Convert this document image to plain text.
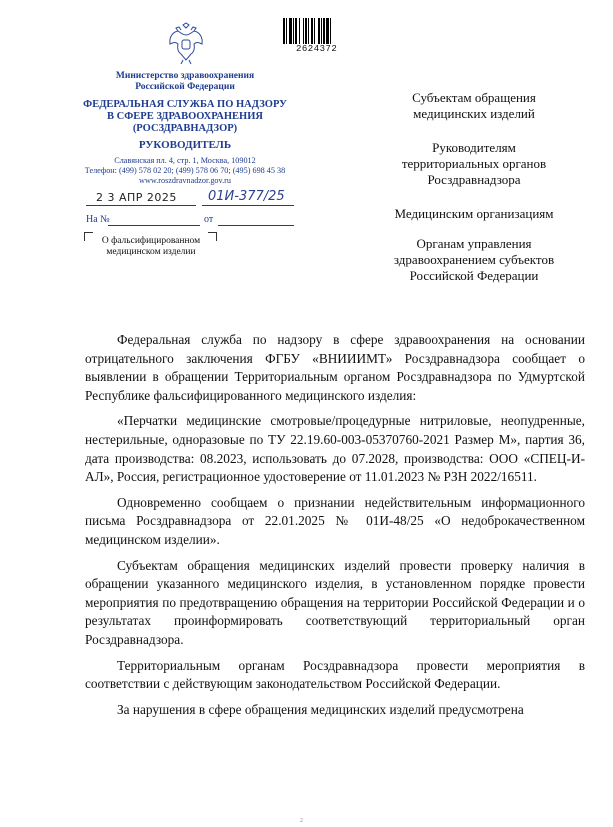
2624372
Министерство здравоохранения
Российской Федерации
ФЕДЕРАЛЬНАЯ СЛУЖБА ПО НАДЗОРУ
В СФЕРЕ ЗДРАВООХРАНЕНИЯ
(РОСЗДРАВНАДЗОР)
РУКОВОДИТЕЛЬ
Славянская пл. 4, стр. 1, Москва, 109012
Телефон: (499) 578 02 20; (499) 578 06 70; (495) 698 45 38
www.roszdravnadzor.gov.ru
2 3 АПР 2025 01И-377/25
На №	от
О фальсифицированном
медицинском изделии
Субъектам обращения
медицинских изделий
Руководителям
территориальных органов
Росздравнадзора
Медицинским организациям
Органам управления
здравоохранением субъектов
Российской Федерации

Федеральная служба по надзору в сфере здравоохранения на основании отрицательного заключения ФГБУ «ВНИИИМТ» Росздравнадзора сообщает о выявлении в обращении Территориальным органом Росздравнадзора по Удмуртской Республике фальсифицированного медицинского изделия:

«Перчатки медицинские смотровые/процедурные нитриловые, неопудренные, нестерильные, одноразовые по ТУ 22.19.60-003-05370760-2021 Размер М», партия 36, дата производства: 08.2023, использовать до 07.2028, производства: ООО «СПЕЦ-И-АЛ», Россия, регистрационное удостоверение от 11.01.2023 № РЗН 2022/16511.

Одновременно сообщаем о признании недействительным информационного письма Росздравнадзора от 22.01.2025 № 01И-48/25 «О недоброкачественном медицинском изделии».

Субъектам обращения медицинских изделий провести проверку наличия в обращении указанного медицинского изделия, в установленном порядке провести мероприятия по предотвращению обращения на территории Российской Федерации и о результатах проинформировать соответствующий территориальный орган Росздравнадзора.

Территориальным органам Росздравнадзора провести мероприятия в соответствии с действующим законодательством Российской Федерации.

За нарушения в сфере обращения медицинских изделий предусмотрена

2
